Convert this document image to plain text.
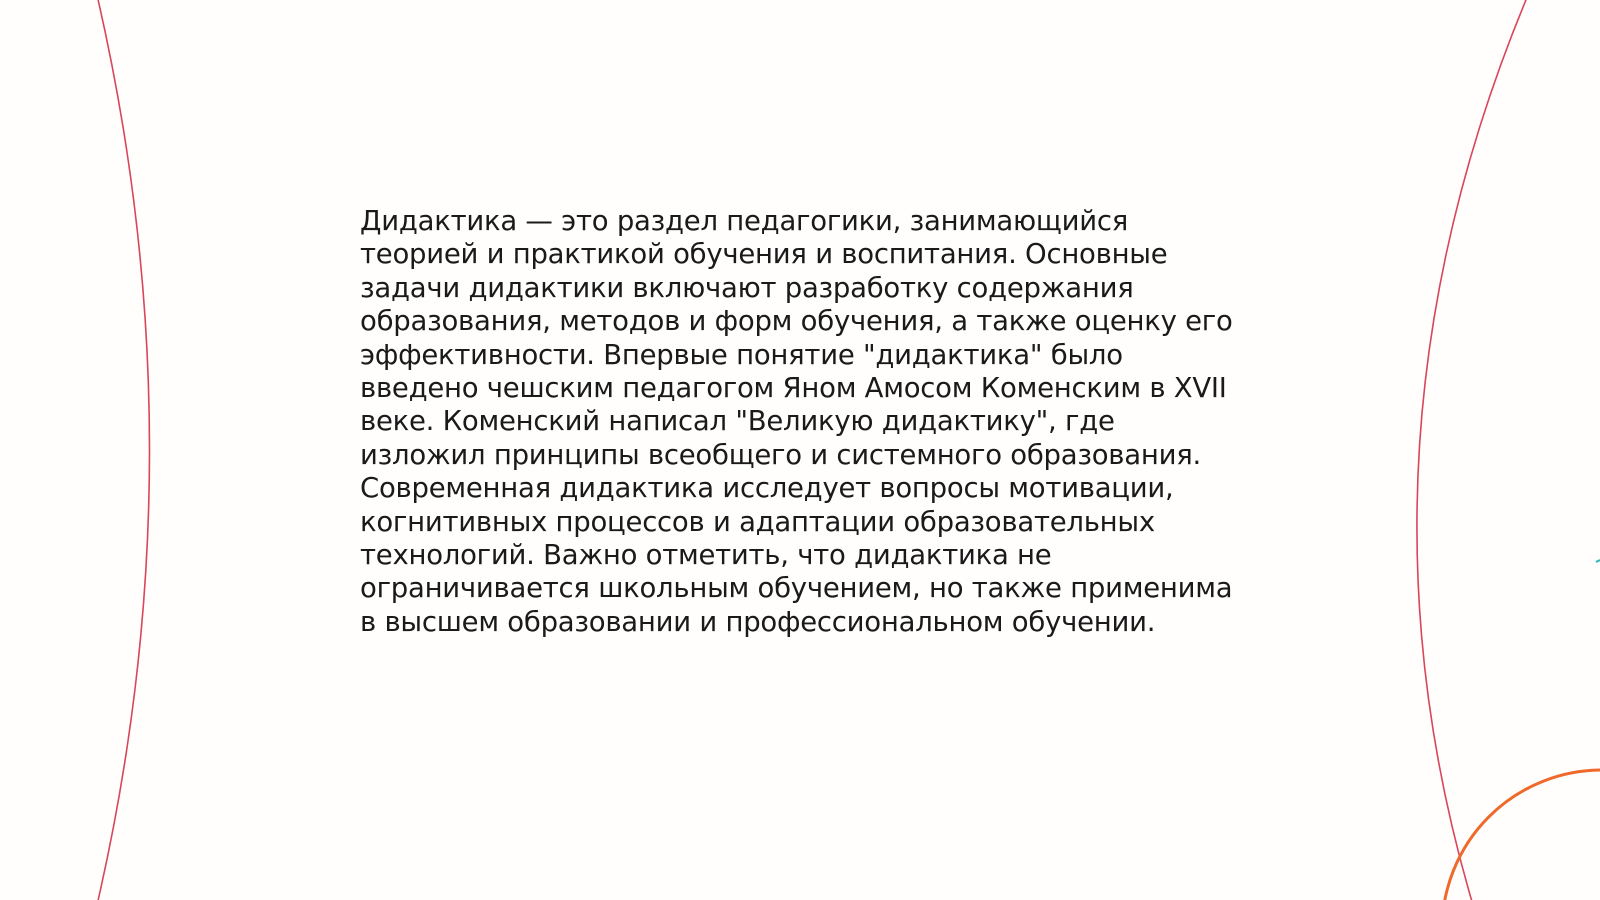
Дидактика — это раздел педагогики, занимающийся теорией и практикой обучения и воспитания. Основные задачи дидактики включают разработку содержания образования, методов и форм обучения, а также оценку его эффективности. Впервые понятие "дидактика" было введено чешским педагогом Яном Амосом Коменским в XVII веке. Коменский написал "Великую дидактику", где изложил принципы всеобщего и системного образования. Современная дидактика исследует вопросы мотивации, когнитивных процессов и адаптации образовательных технологий. Важно отметить, что дидактика не ограничивается школьным обучением, но также применима в высшем образовании и профессиональном обучении.
